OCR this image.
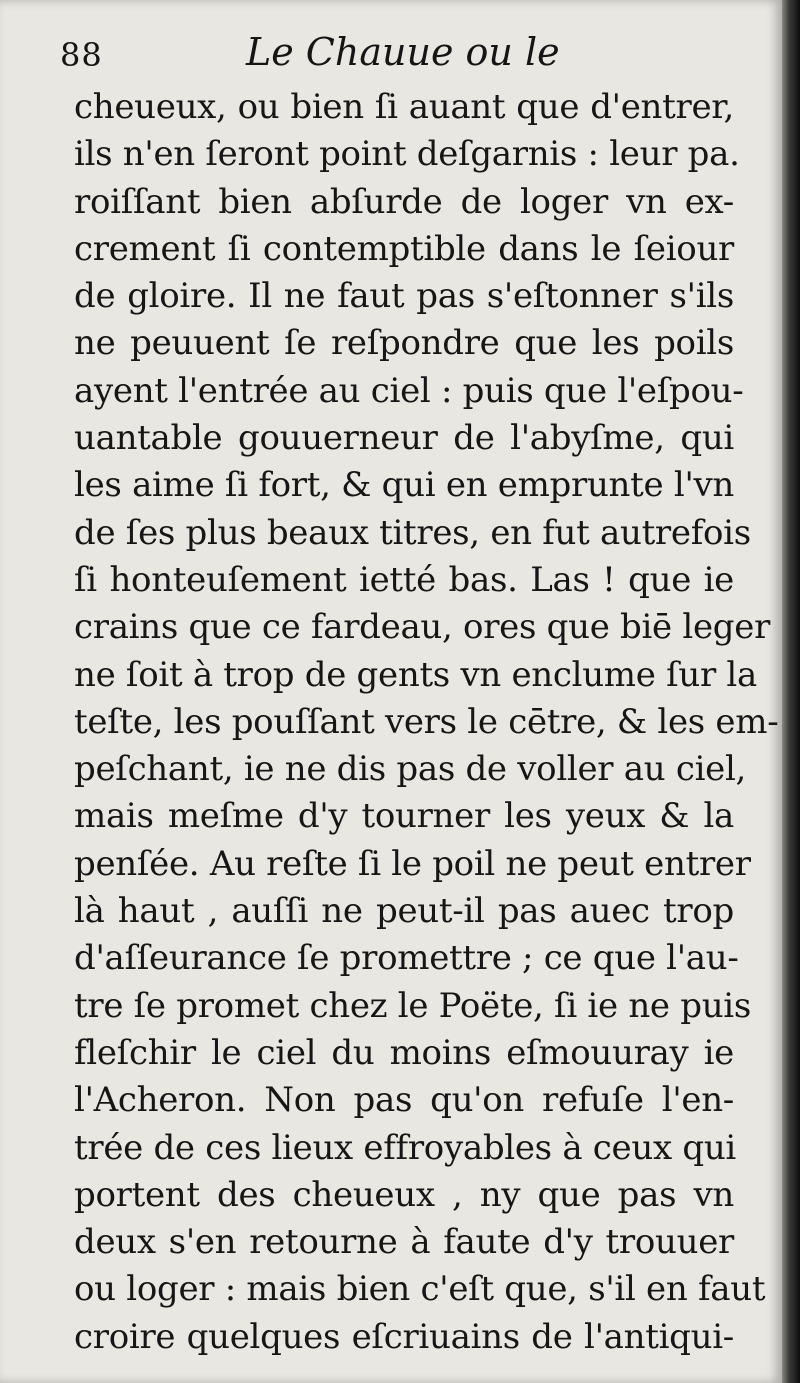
88	Le Chauue ou le
cheueux, ou bien ſi auant que d'entrer,
ils n'en ſeront point deſgarnis : leur pa.
roiſſant bien abſurde de loger vn ex-
crement ſi contemptible dans le ſeiour
de gloire. Il ne faut pas s'eſtonner s'ils
ne peuuent ſe reſpondre que les poils
ayent l'entrée au ciel : puis que l'eſpou-
uantable gouuerneur de l'abyſme, qui
les aime ſi fort, & qui en emprunte l'vn
de ſes plus beaux titres, en fut autrefois
ſi honteuſement ietté bas. Las ! que ie
crains que ce fardeau, ores que biē leger
ne ſoit à trop de gents vn enclume ſur la
teſte, les pouſſant vers le cētre, & les em-
peſchant, ie ne dis pas de voller au ciel,
mais meſme d'y tourner les yeux & la
penſée. Au reſte ſi le poil ne peut entrer
là haut , auſſi ne peut-il pas auec trop
d'aſſeurance ſe promettre ; ce que l'au-
tre ſe promet chez le Poëte, ſi ie ne puis
fleſchir le ciel du moins eſmouuray ie
l'Acheron. Non pas qu'on refuſe l'en-
trée de ces lieux effroyables à ceux qui
portent des cheueux , ny que pas vn
deux s'en retourne à faute d'y trouuer
ou loger : mais bien c'eſt que, s'il en faut
croire quelques eſcriuains de l'antiqui-
